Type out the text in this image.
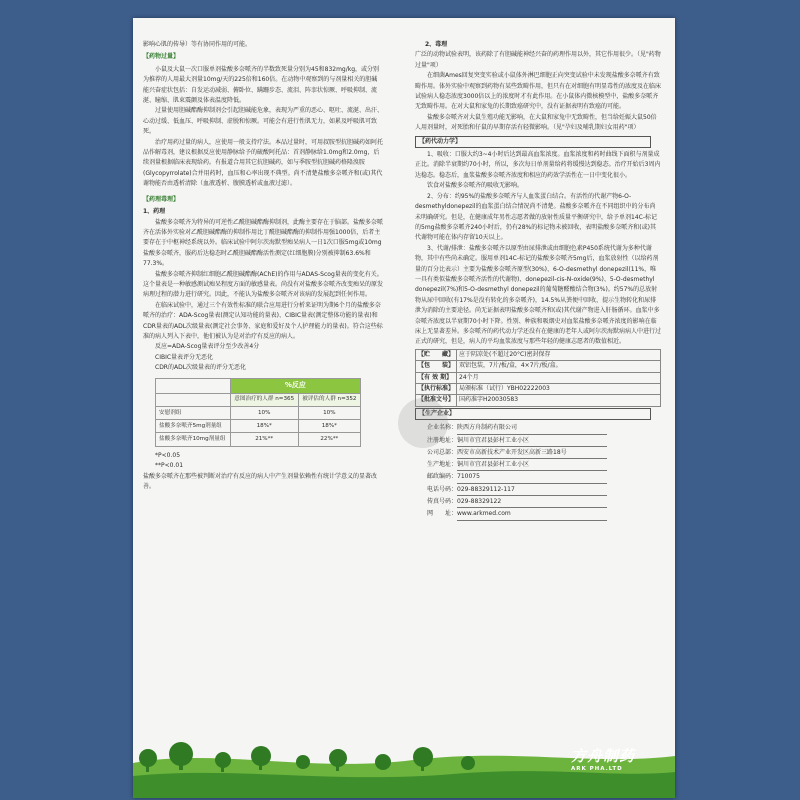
影响心肌的传导）等有协同作用的可能。

【药物过量】

小鼠及大鼠一次口服单剂盐酸多奈哌齐的半数致死量分别为45和832mg/kg，或分别为推荐的人用最大剂量10mg/天的225倍和160倍。在动物中观察到的与剂量相关的胆碱能兴奋症状包括：自发运动减弱、俯卧位、蹒跚步态、流泪、阵挛状惊厥、呼吸抑制、流涎、瞳缩、肌束震颤及体表温度降低。

过量使用胆碱酯酶抑制剂会引起胆碱能危象，表现为严重的恶心、呕吐、流涎、出汗、心动过缓、低血压、呼吸抑制、虚脱和惊厥。可能会有进行性肌无力，如累及呼吸肌可致死。

治疗用药过量的病人，应使用一般支持疗法。本品过量时，可用叔胺型抗胆碱药如阿托品作解毒剂，建议根据反应使用静脉给予的硫酸阿托品：首剂静脉给1.0mg和2.0mg，后续剂量根据临床表现给药。有报道合用其它抗胆碱药，如与季胺型抗胆碱药格隆溴胺(Glycopyrrolate)合并用药时，血压和心率出现不典型。尚不清楚盐酸多奈哌齐和(或)其代谢物能否由透析清除（血液透析、腹膜透析或血液过滤）。

【药理毒理】

1、药理

盐酸多奈哌齐为特异的可逆性乙酰胆碱酯酶抑制剂，此酶主要存在于脑部。盐酸多奈哌齐在活体外实验对乙酰胆碱酯酶的抑制作用比丁酰胆碱酯酶的抑制作用强1000倍，后者主要存在于中枢神经系统以外。临床试验中阿尔茨海默型痴呆病人一日1次口服5mg或10mg盐酸多奈哌齐，服药后达稳态时乙酰胆碱酯酶活性测定(红细胞膜)分别被抑制63.6%和77.3%。

盐酸多奈哌齐抑制红细胞乙酰胆碱酯酶(AChE)的作用与ADAS-Scog量表的变化有关。这个量表是一种敏感测试痴呆程度方面的敏感量表。尚没有对盐酸多奈哌齐改变痴呆的原发病理过程的潜力进行研究。因此，不能认为盐酸多奈哌齐对该病的发展起到任何作用。

在临床试验中，通过三个有效性标准的联合应用进行分析来证明为期6个月的盐酸多奈哌齐的治疗：ADA-Scog量表(测定认知功能的量表)、CIBIC量表(测定整体功能的量表)和CDR量表的ADL次级量表(测定社会事务、家庭和爱好及个人护理能力的量表)。符合这些标准的病人列入下表中，他们被认为是对治疗有反应的病人。

反应=ADA-Scog量表评分至少改善4分

CIBIC量表评分无恶化

CDR的ADL次级量表的评分无恶化

	%反应	
	意图治疗的人群 n=365	被评估的人群 n=352
安慰剂组	10%	10%
盐酸多奈哌齐5mg剂量组	18%*	18%*
盐酸多奈哌齐10mg剂量组	21%**	22%**

*P<0.05

**P<0.01

盐酸多奈哌齐在那些被判断对治疗有反应的病人中产生剂量依赖性有统计学意义的显著改善。

2、毒理

广泛的动物试验表明，该药除了有胆碱能神经兴奋的药理作用以外，其它作用很少。（见"药物过量"项）

在细菌Ames回复突变实验或小鼠体外淋巴细胞正向突变试验中未发现盐酸多奈哌齐有致畸作用。体外实验中观察到药物有某些致畸作用，但只有在对细胞有明显毒性的浓度及在临床试验病人稳态浓度3000倍以上的浓度时才有此作用。在小鼠体内微核模型中，盐酸多奈哌齐无致畸作用。在对大鼠和家兔的长期致癌研究中，没有证据表明有致癌的可能。

盐酸多奈哌齐对大鼠生殖功能无影响，在大鼠和家兔中无致畸性，但当给妊娠大鼠50倍人用剂量时，对死胎和仔鼠的早期存活有轻微影响。（见"孕妇及哺乳期妇女用药"项）

【药代动力学】

1、吸收：口服大约3~4小时后达到最高血浆浓度。血浆浓度和药时曲线下面积与剂量成正比。消除半衰期约70小时，所以，多次每日单剂量给药将缓慢达到稳态。治疗开始后3周内达稳态。稳态后，血浆盐酸多奈哌齐浓度和相应的药效学活性在一日中变化很小。

饮食对盐酸多奈哌齐的吸收无影响。

2、分布：约95%的盐酸多奈哌齐与人血浆蛋白结合。有活性的代谢产物6-O-desmethyldonepezil的血浆蛋白结合情况尚不清楚。盐酸多奈哌齐在不同组织中的分布尚未明确研究。但是，在健康成年男性志愿者做的放射性质量平衡研究中，给予单剂14C-标记的5mg盐酸多奈哌齐240小时后，仍有28%的标记物未被回收，表明盐酸多奈哌齐和(或)其代谢物可能在体内存留10天以上。

3、代谢/排泄：盐酸多奈哌齐以原型由尿排泄或由细胞色素P450系统代谢为多种代谢物，其中有些尚未确定。服用单剂14C-标记的盐酸多奈哌齐5mg后，血浆放射性（以给药剂量的百分比表示）主要为盐酸多奈哌齐原型(30%)、6-O-desmethyl donepezil(11%，唯一具有类似盐酸多奈哌齐活性的代谢物)、donepezil-cis-N-oxide(9%)、5-O-desmethyl donepezil(7%)和5-O-desmethyl donepezil的葡萄糖醛酸结合物(3%)。约57%的总放射物从尿中回收(有17%是没有转化的多奈哌齐)，14.5%从粪便中回收，提示生物转化和尿排泄为消除的主要途径。尚无证据表明盐酸多奈哌齐和(或)其代谢产物进入肝肠循环。血浆中多奈哌齐浓度以半衰期70小时下降。性别、种族和吸烟史对血浆盐酸多奈哌齐浓度的影响在临床上无显著差异。多奈哌齐的药代动力学还没有在健康的老年人或阿尔茨海默病病人中进行过正式的研究，但是，病人的平均血浆浓度与那些年轻的健康志愿者的数值相近。

【贮　　藏】	应于阴凉处(不超过20°C)密封保存
【包　　装】	双铝包装，7片/板/盒，4×7片/板/盒。
【有 效 期】	24个月
【执行标准】	局颁标准（试行）YBH02222003
【批准文号】	国药准字H20030583
【生产企业】
企业名称：陕西方舟制药有限公司
注册地址：铜川市宜君县彭村工业小区
公司总部：西安市高新技术产业开发区高新三路18号
生产地址：铜川市宜君县彭村工业小区
邮政编码：710075
电话号码：029-88329112-117
传真号码：029-88329122
网　　址：www.arkmed.com
方舟制药
ARK PHA.LTD
